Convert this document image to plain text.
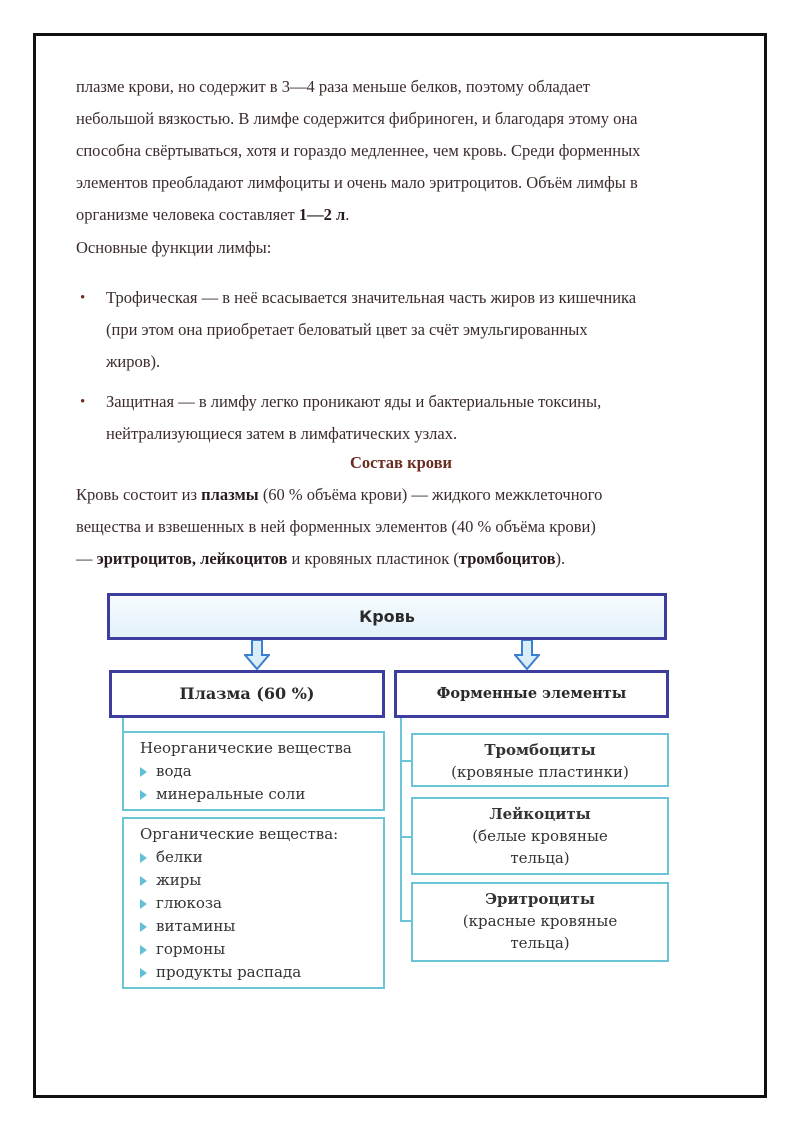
плазме крови, но содержит в 3—4 раза меньше белков, поэтому обладает
небольшой вязкостью. В лимфе содержится фибриноген, и благодаря этому она
способна свёртываться, хотя и гораздо медленнее, чем кровь. Среди форменных
элементов преобладают лимфоциты и очень мало эритроцитов. Объём лимфы в
организме человека составляет 1—2 л.
Основные функции лимфы:
• Трофическая — в неё всасывается значительная часть жиров из кишечника
(при этом она приобретает беловатый цвет за счёт эмульгированных
жиров).
• Защитная — в лимфу легко проникают яды и бактериальные токсины,
нейтрализующиеся затем в лимфатических узлах.
Состав крови
Кровь состоит из плазмы (60 % объёма крови) — жидкого межклеточного
вещества и взвешенных в ней форменных элементов (40 % объёма крови)
— эритроцитов, лейкоцитов и кровяных пластинок (тромбоцитов).
Кровь
Плазма (60 %)	Форменные элементы
Неорганические вещества
вода
минеральные соли
Органические вещества:
белки
жиры
глюкоза
витамины
гормоны
продукты распада
Тромбоциты
(кровяные пластинки)
Лейкоциты
(белые кровяные
тельца)
Эритроциты
(красные кровяные
тельца)
